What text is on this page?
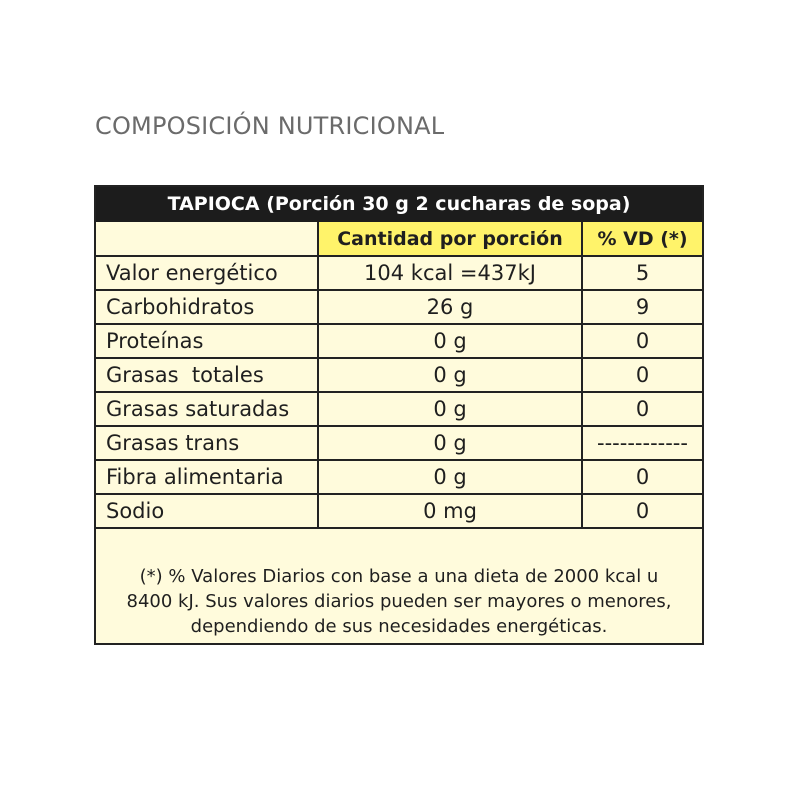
COMPOSICIÓN NUTRICIONAL
TAPIOCA (Porción 30 g 2 cucharas de sopa)
	Cantidad por porción	% VD (*)
Valor energético	104 kcal =437kJ	5
Carbohidratos	26 g	9
Proteínas	0 g	0
Grasas  totales	0 g	0
Grasas saturadas	0 g	0
Grasas trans	0 g	------------
Fibra alimentaria	0 g	0
Sodio	0 mg	0
(*) % Valores Diarios con base a una dieta de 2000 kcal u
8400 kJ. Sus valores diarios pueden ser mayores o menores,
dependiendo de sus necesidades energéticas.
